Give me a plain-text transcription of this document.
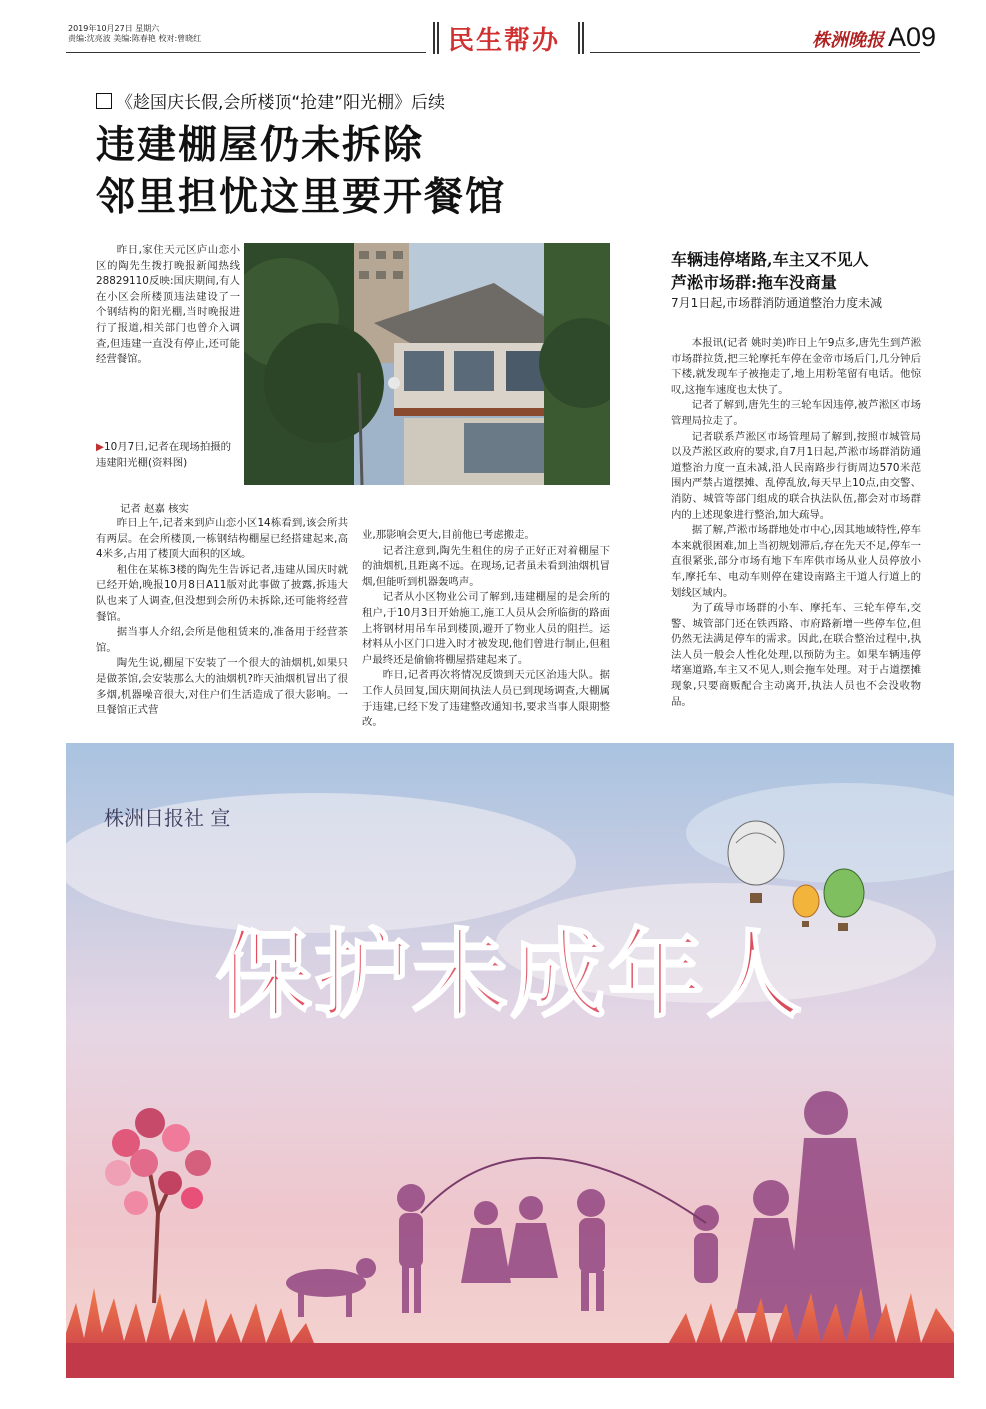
2019年10月27日 星期六
责编:沈亮波 美编:陈春艳 校对:曾晓红	民生帮办	株洲晚报 A09
《趁国庆长假,会所楼顶“抢建”阳光棚》后续
违建棚屋仍未拆除
邻里担忧这里要开餐馆
昨日,家住天元区庐山恋小区的陶先生拨打晚报新闻热线28829110反映:国庆期间,有人在小区会所楼顶违法建设了一个钢结构的阳光棚,当时晚报进行了报道,相关部门也曾介入调查,但违建一直没有停止,还可能经营餐馆。
▶10月7日,记者在现场拍摄的违建阳光棚(资料图)
记者 赵嘉 核实

昨日上午,记者来到庐山恋小区14栋看到,该会所共有两层。在会所楼顶,一栋钢结构棚屋已经搭建起来,高4米多,占用了楼顶大面积的区域。

租住在某栋3楼的陶先生告诉记者,违建从国庆时就已经开始,晚报10月8日A11版对此事做了披露,拆违大队也来了人调查,但没想到会所仍未拆除,还可能将经营餐馆。

据当事人介绍,会所是他租赁来的,准备用于经营茶馆。

陶先生说,棚屋下安装了一个很大的油烟机,如果只是做茶馆,会安装那么大的油烟机?昨天油烟机冒出了很多烟,机器噪音很大,对住户们生活造成了很大影响。一旦餐馆正式营

业,那影响会更大,目前他已考虑搬走。

记者注意到,陶先生租住的房子正好正对着棚屋下的油烟机,且距离不远。在现场,记者虽未看到油烟机冒烟,但能听到机器轰鸣声。

记者从小区物业公司了解到,违建棚屋的是会所的租户,于10月3日开始施工,施工人员从会所临街的路面上将钢材用吊车吊到楼顶,避开了物业人员的阻拦。运材料从小区门口进入时才被发现,他们曾进行制止,但租户最终还是偷偷将棚屋搭建起来了。

昨日,记者再次将情况反馈到天元区治违大队。据工作人员回复,国庆期间执法人员已到现场调查,大棚属于违建,已经下发了违建整改通知书,要求当事人限期整改。

车辆违停堵路,车主又不见人
芦淞市场群:拖车没商量
7月1日起,市场群消防通道整治力度未减

本报讯(记者 姚时美)昨日上午9点多,唐先生到芦淞市场群拉货,把三轮摩托车停在金帝市场后门,几分钟后下楼,就发现车子被拖走了,地上用粉笔留有电话。他惊叹,这拖车速度也太快了。

记者了解到,唐先生的三轮车因违停,被芦淞区市场管理局拉走了。

记者联系芦淞区市场管理局了解到,按照市城管局以及芦淞区政府的要求,自7月1日起,芦淞市场群消防通道整治力度一直未减,沿人民南路步行街周边570米范围内严禁占道摆摊、乱停乱放,每天早上10点,由交警、消防、城管等部门组成的联合执法队伍,都会对市场群内的上述现象进行整治,加大疏导。

据了解,芦淞市场群地处市中心,因其地域特性,停车本来就很困难,加上当初规划滞后,存在先天不足,停车一直很紧张,部分市场有地下车库供市场从业人员停放小车,摩托车、电动车则停在建设南路主干道人行道上的划线区域内。

为了疏导市场群的小车、摩托车、三轮车停车,交警、城管部门还在铁西路、市府路新增一些停车位,但仍然无法满足停车的需求。因此,在联合整治过程中,执法人员一般会人性化处理,以预防为主。如果车辆违停堵塞道路,车主又不见人,则会拖车处理。对于占道摆摊现象,只要商贩配合主动离开,执法人员也不会没收物品。

保护未成年人
株洲日报社 宣
